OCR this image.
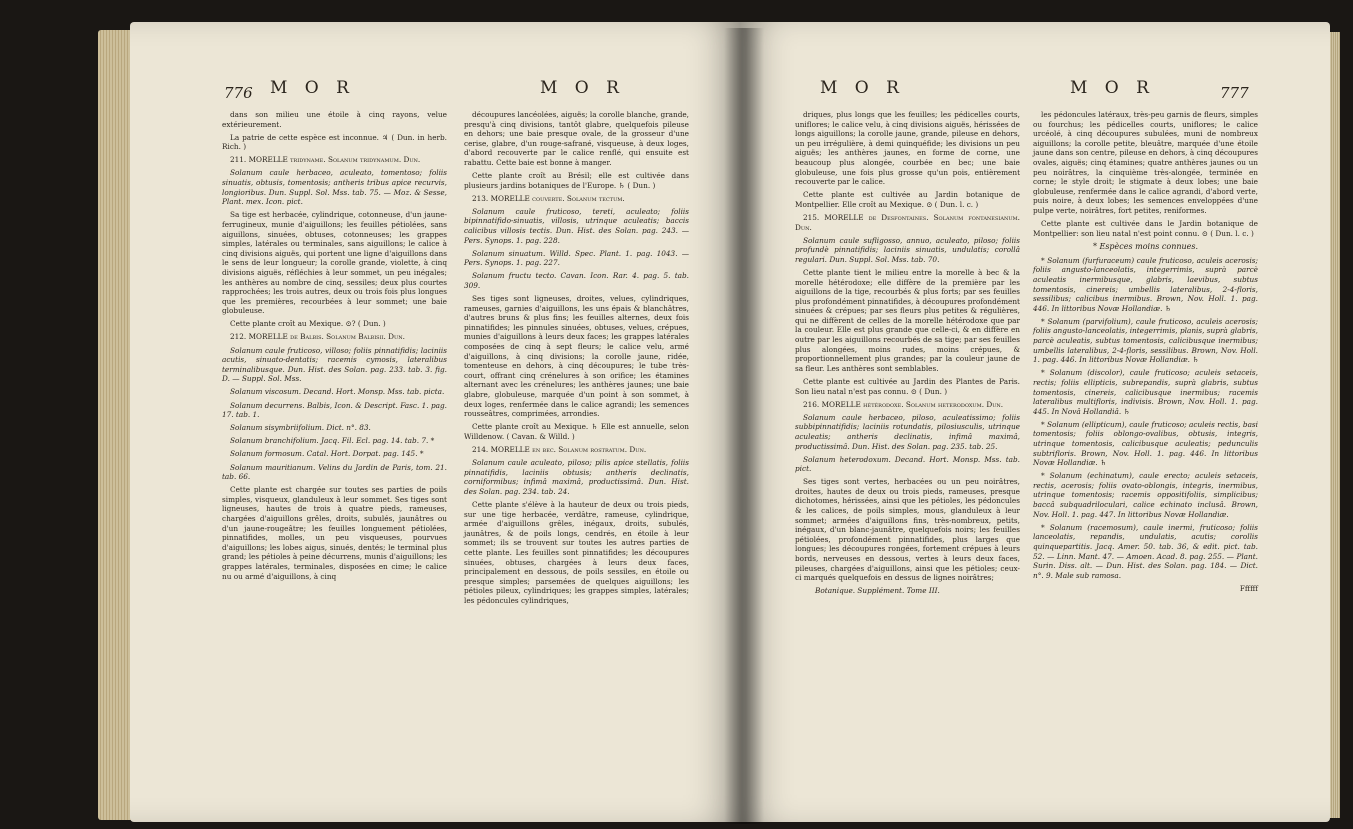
776 M O R	M O R

dans son milieu une étoile à cinq rayons, velue extérieurement.

La patrie de cette espèce est inconnue. ♃ ( Dun. in herb. Rich. )

211. MORELLE tridyname. Solanum tridynamum. Dun.

Solanum caule herbaceo, aculeato, tomentoso; foliis sinuatis, obtusis, tomentosis; antheris tribus apice recurvis, longioribus. Dun. Suppl. Sol. Mss. tab. 75. — Moz. & Sesse, Plant. mex. Icon. pict.

Sa tige est herbacée, cylindrique, cotonneuse, d'un jaune-ferrugineux, munie d'aiguillons; les feuilles pétiolées, sans aiguillons, sinuées, obtuses, cotonneuses; les grappes simples, latérales ou terminales, sans aiguillons; le calice à cinq divisions aiguës, qui portent une ligne d'aiguillons dans le sens de leur longueur; la corolle grande, violette, à cinq divisions aiguës, réfléchies à leur sommet, un peu inégales; les anthères au nombre de cinq, sessiles; deux plus courtes rapprochées; les trois autres, deux ou trois fois plus longues que les premières, recourbées à leur sommet; une baie globuleuse.

Cette plante croît au Mexique. ⊙? ( Dun. )

212. MORELLE de Balbis. Solanum Balbisii. Dun.

Solanum caule fruticoso, villoso; foliis pinnatifidis; laciniis acutis, sinuato-dentatis; racemis cymosis, lateralibus terminalibusque. Dun. Hist. des Solan. pag. 233. tab. 3. fig. D. — Suppl. Sol. Mss.

Solanum viscosum. Decand. Hort. Monsp. Mss. tab. picta.

Solanum decurrens. Balbis, Icon. & Descript. Fasc. 1. pag. 17. tab. 1.

Solanum sisymbriifolium. Dict. n°. 83.

Solanum branchifolium. Jacq. Fil. Ecl. pag. 14. tab. 7. *

Solanum formosum. Catal. Hort. Dorpat. pag. 145. *

Solanum mauritianum. Velins du Jardin de Paris, tom. 21. tab. 66.

Cette plante est chargée sur toutes ses parties de poils simples, visqueux, glanduleux à leur sommet. Ses tiges sont ligneuses, hautes de trois à quatre pieds, rameuses, chargées d'aiguillons grêles, droits, subulés, jaunâtres ou d'un jaune-rougeâtre; les feuilles longuement pétiolées, pinnatifides, molles, un peu visqueuses, pourvues d'aiguillons; les lobes aigus, sinués, dentés; le terminal plus grand; les pétioles à peine décurrens, munis d'aiguillons; les grappes latérales, terminales, disposées en cime; le calice nu ou armé d'aiguillons, à cinq

découpures lancéolées, aiguës; la corolle blanche, grande, presqu'à cinq divisions, tantôt glabre, quelquefois pileuse en dehors; une baie presque ovale, de la grosseur d'une cerise, glabre, d'un rouge-safrané, visqueuse, à deux loges, d'abord recouverte par le calice renflé, qui ensuite est rabattu. Cette baie est bonne à manger.

Cette plante croît au Brésil; elle est cultivée dans plusieurs jardins botaniques de l'Europe. ♄ ( Dun. )

213. MORELLE couverte. Solanum tectum.

Solanum caule fruticoso, tereti, aculeato; foliis bipinnatifido-sinuatis, villosis, utrinque aculeatis; baccis calicibus villosis tectis. Dun. Hist. des Solan. pag. 243. — Pers. Synops. 1. pag. 228.

Solanum sinuatum. Willd. Spec. Plant. 1. pag. 1043. — Pers. Synops. 1. pag. 227.

Solanum fructu tecto. Cavan. Icon. Rar. 4. pag. 5. tab. 309.

Ses tiges sont ligneuses, droites, velues, cylindriques, rameuses, garnies d'aiguillons, les uns épais & blanchâtres, d'autres bruns & plus fins; les feuilles alternes, deux fois pinnatifides; les pinnules sinuées, obtuses, velues, crépues, munies d'aiguillons à leurs deux faces; les grappes latérales composées de cinq à sept fleurs; le calice velu, armé d'aiguillons, à cinq divisions; la corolle jaune, ridée, tomenteuse en dehors, à cinq découpures; le tube très-court, offrant cinq crénelures à son orifice; les étamines alternant avec les crénelures; les anthères jaunes; une baie glabre, globuleuse, marquée d'un point à son sommet, à deux loges, renfermée dans le calice agrandi; les semences rousseâtres, comprimées, arrondies.

Cette plante croît au Mexique. ♄ Elle est annuelle, selon Willdenow. ( Cavan. & Willd. )

214. MORELLE en bec. Solanum rostratum. Dun.

Solanum caule aculeato, piloso; pilis apice stellatis, foliis pinnatifidis, laciniis obtusis; antheris declinatis, corniformibus; infimâ maximâ, productissimâ. Dun. Hist. des Solan. pag. 234. tab. 24.

Cette plante s'élève à la hauteur de deux ou trois pieds, sur une tige herbacée, verdâtre, rameuse, cylindrique, armée d'aiguillons grêles, inégaux, droits, subulés, jaunâtres, & de poils longs, cendrés, en étoile à leur sommet; ils se trouvent sur toutes les autres parties de cette plante. Les feuilles sont pinnatifides; les découpures sinuées, obtuses, chargées à leurs deux faces, principalement en dessous, de poils sessiles, en étoile ou presque simples; parsemées de quelques aiguillons; les pétioles pileux, cylindriques; les grappes simples, latérales; les pédoncules cylindriques,

M O R	M O R	777

driques, plus longs que les feuilles; les pédicelles courts, uniflores; le calice velu, à cinq divisions aiguës, hérissées de longs aiguillons; la corolle jaune, grande, pileuse en dehors, un peu irrégulière, à demi quinquéfide; les divisions un peu aiguës; les anthères jaunes, en forme de corne, une beaucoup plus alongée, courbée en bec; une baie globuleuse, une fois plus grosse qu'un pois, entièrement recouverte par le calice.

Cette plante est cultivée au Jardin botanique de Montpellier. Elle croît au Mexique. ⊙ ( Dun. l. c. )

215. MORELLE de Desfontaines. Solanum fontanesianum. Dun.

Solanum caule sufligosso, annuo, aculeato, piloso; foliis profundè pinnatifidis; laciniis sinuatis, undulatis; corollâ regulari. Dun. Suppl. Sol. Mss. tab. 70.

Cette plante tient le milieu entre la morelle à bec & la morelle hétérodoxe; elle diffère de la première par les aiguillons de la tige, recourbés & plus forts; par ses feuilles plus profondément pinnatifides, à découpures profondément sinuées & crépues; par ses fleurs plus petites & régulières, qui ne diffèrent de celles de la morelle hétérodoxe que par la couleur. Elle est plus grande que celle-ci, & en diffère en outre par les aiguillons recourbés de sa tige; par ses feuilles plus alongées, moins rudes, moins crépues, & proportionnellement plus grandes; par la couleur jaune de sa fleur. Les anthères sont semblables.

Cette plante est cultivée au Jardin des Plantes de Paris. Son lieu natal n'est pas connu. ⊙ ( Dun. )

216. MORELLE hétérodoxe. Solanum heterodoxum. Dun.

Solanum caule herbaceo, piloso, aculeatissimo; foliis subbipinnatifidis; laciniis rotundatis, pilosiusculis, utrinque aculeatis; antheris declinatis, infimâ maximâ, productissimâ. Dun. Hist. des Solan. pag. 235. tab. 25.

Solanum heterodoxum. Decand. Hort. Monsp. Mss. tab. pict.

Ses tiges sont vertes, herbacées ou un peu noirâtres, droites, hautes de deux ou trois pieds, rameuses, presque dichotomes, hérissées, ainsi que les pétioles, les pédoncules & les calices, de poils simples, mous, glanduleux à leur sommet; armées d'aiguillons fins, très-nombreux, petits, inégaux, d'un blanc-jaunâtre, quelquefois noirs; les feuilles pétiolées, profondément pinnatifides, plus larges que longues; les découpures rongées, fortement crépues à leurs bords, nerveuses en dessous, vertes à leurs deux faces, pileuses, chargées d'aiguillons, ainsi que les pétioles; ceux-ci marqués quelquefois en dessus de lignes noirâtres;

Botanique. Supplément. Tome III.

les pédoncules latéraux, très-peu garnis de fleurs, simples ou fourchus; les pédicelles courts, uniflores; le calice urcéolé, à cinq découpures subulées, muni de nombreux aiguillons; la corolle petite, bleuâtre, marquée d'une étoile jaune dans son centre, pileuse en dehors, à cinq découpures ovales, aiguës; cinq étamines; quatre anthères jaunes ou un peu noirâtres, la cinquième très-alongée, terminée en corne; le style droit; le stigmate à deux lobes; une baie globuleuse, renfermée dans le calice agrandi, d'abord verte, puis noire, à deux lobes; les semences enveloppées d'une pulpe verte, noirâtres, fort petites, reniformes.

Cette plante est cultivée dans le Jardin botanique de Montpellier: son lieu natal n'est point connu. ⊙ ( Dun. l. c. )

* Espèces moins connues.

* Solanum (furfuraceum) caule fruticoso, aculeis acerosis; foliis angusto-lanceolatis, integerrimis, suprà parcè aculeatis inermibusque, glabris, laevibus, subtus tomentosis, cinereis; umbellis lateralibus, 2-4-floris, sessilibus; calicibus inermibus. Brown, Nov. Holl. 1. pag. 446. In littoribus Novæ Hollandiæ. ♄

* Solanum (parvifolium), caule fruticoso, aculeis acerosis; foliis angusto-lanceolatis, integerrimis, planis, suprà glabris, parcè aculeatis, subtus tomentosis, calicibusque inermibus; umbellis lateralibus, 2-4-floris, sessilibus. Brown, Nov. Holl. 1. pag. 446. In littoribus Novæ Hollandiæ. ♄

* Solanum (discolor), caule fruticoso; aculeis setaceis, rectis; foliis ellipticis, subrepandis, suprà glabris, subtus tomentosis, cinereis, calicibusque inermibus; racemis lateralibus multifloris, indivisis. Brown, Nov. Holl. 1. pag. 445. In Novâ Hollandiâ. ♄

* Solanum (ellipticum), caule fruticoso; aculeis rectis, basi tomentosis; foliis oblongo-ovalibus, obtusis, integris, utrinque tomentosis, calicibusque aculeatis; pedunculis subtrifloris. Brown, Nov. Holl. 1. pag. 446. In littoribus Novæ Hollandiæ. ♄

* Solanum (echinatum), caule erecto; aculeis setaceis, rectis, acerosis; foliis ovato-oblongis, integris, inermibus, utrinque tomentosis; racemis oppositifoliis, simplicibus; baccâ subquadriloculari, calice echinato inclusâ. Brown, Nov. Holl. 1. pag. 447. In littoribus Novæ Hollandiæ.

* Solanum (racemosum), caule inermi, fruticoso; foliis lanceolatis, repandis, undulatis, acutis; corollis quinquepartitis. Jacq. Amer. 50. tab. 36, & edit. pict. tab. 52. — Linn. Mant. 47. — Amoen. Acad. 8. pag. 255. — Plant. Surin. Diss. alt. — Dun. Hist. des Solan. pag. 184. — Dict. n°. 9. Male sub ramosa.

Ffffff
